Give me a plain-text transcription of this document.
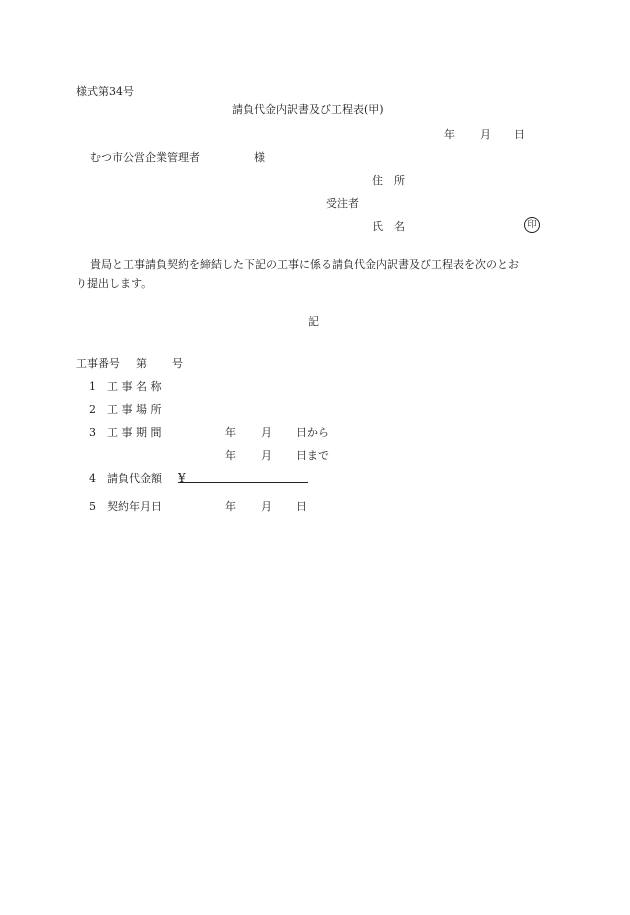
様式第34号
請負代金内訳書及び工程表(甲)
年 月 日
むつ市公営企業管理者	様
住　所
受注者
氏　名	印
貴局と工事請負契約を締結した下記の工事に係る請負代金内訳書及び工程表を次のとお
り提出します。
記
工事番号 第 号
1 工 事 名 称
2 工 事 場 所
3 工 事 期 間	年 月 日から
年 月 日まで
4 請負代金額 ¥
5 契約年月日	年 月 日
